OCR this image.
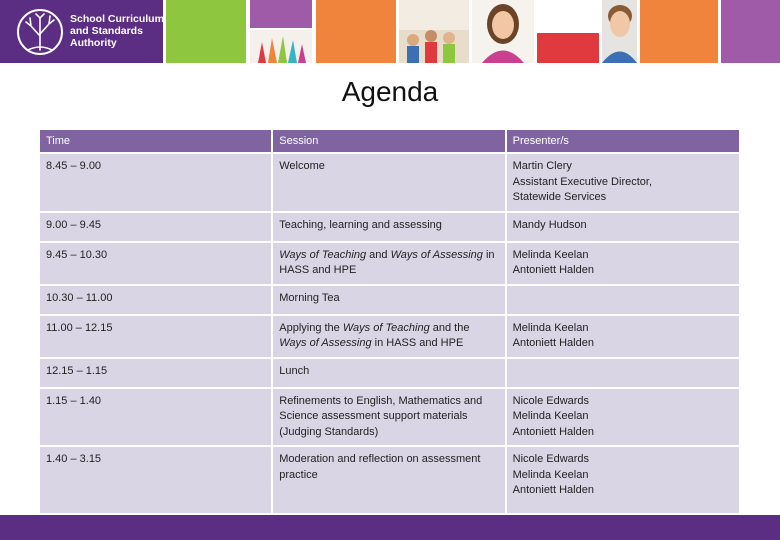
School Curriculum
and Standards
Authority
Agenda
Time	Session	Presenter/s
8.45 – 9.00	Welcome	Martin Clery
Assistant Executive Director,
Statewide Services

9.00 – 9.45	Teaching, learning and assessing	Mandy Hudson

9.45 – 10.30	Ways of Teaching and Ways of Assessing in HASS and HPE	Melinda Keelan
Antoniett Halden

10.30 – 11.00	Morning Tea	
11.00 – 12.15	Applying the Ways of Teaching and the Ways of Assessing in HASS and HPE	Melinda Keelan
Antoniett Halden

12.15 – 1.15	Lunch	
1.15 – 1.40	Refinements to English, Mathematics and Science assessment support materials (Judging Standards)	Nicole Edwards
Melinda Keelan
Antoniett Halden

1.40 – 3.15	Moderation and reflection on assessment practice	Nicole Edwards
Melinda Keelan
Antoniett Halden
